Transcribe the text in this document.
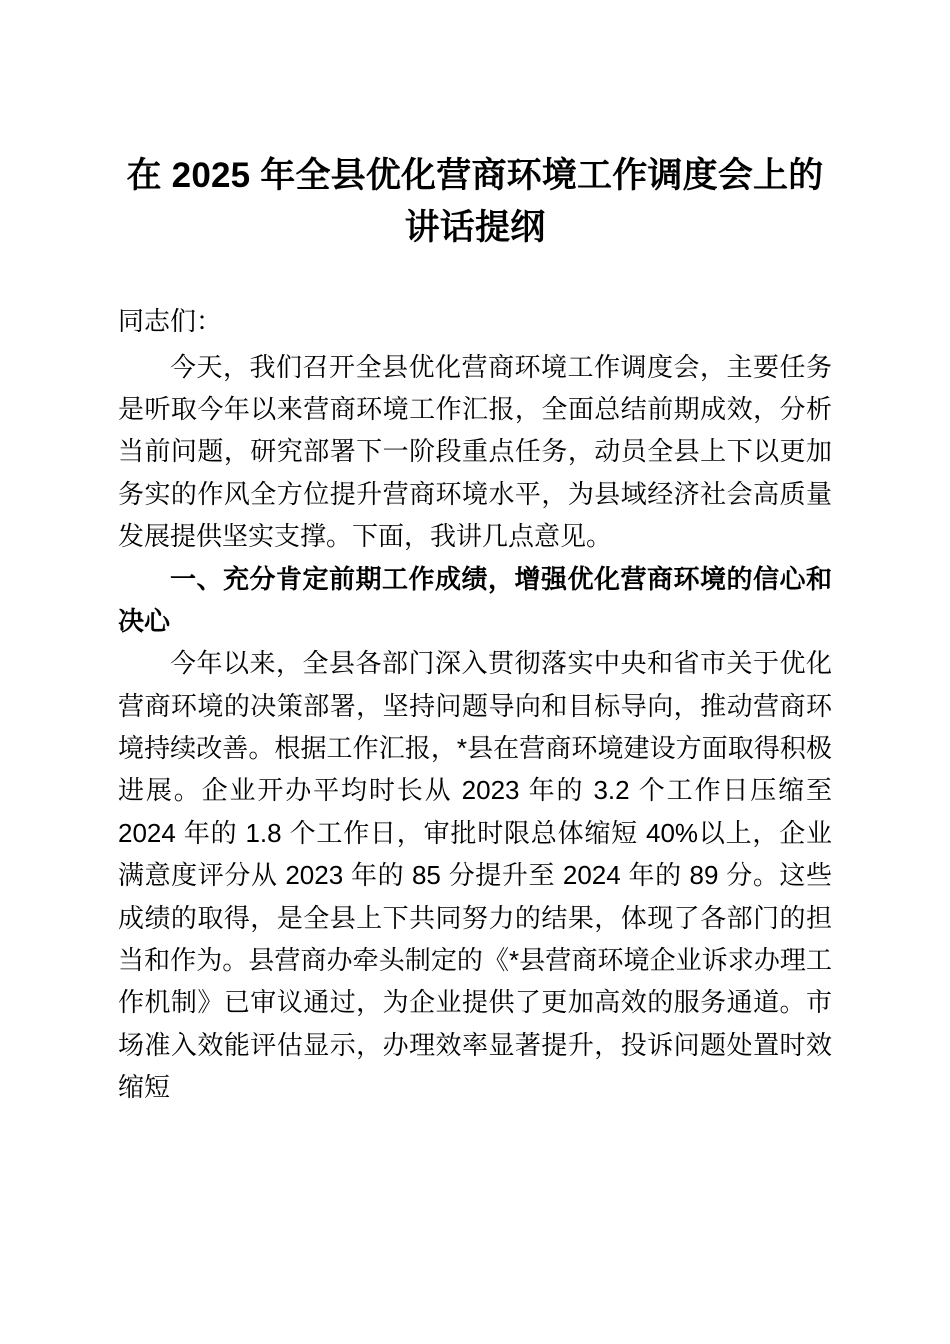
在 2025 年全县优化营商环境工作调度会上的讲话提纲
同志们：

今天，我们召开全县优化营商环境工作调度会，主要任务是听取今年以来营商环境工作汇报，全面总结前期成效，分析当前问题，研究部署下一阶段重点任务，动员全县上下以更加务实的作风全方位提升营商环境水平，为县域经济社会高质量发展提供坚实支撑。下面，我讲几点意见。

一、充分肯定前期工作成绩，增强优化营商环境的信心和决心

今年以来，全县各部门深入贯彻落实中央和省市关于优化营商环境的决策部署，坚持问题导向和目标导向，推动营商环境持续改善。根据工作汇报，*县在营商环境建设方面取得积极进展。企业开办平均时长从 2023 年的 3.2 个工作日压缩至 2024 年的 1.8 个工作日，审批时限总体缩短 40%以上，企业满意度评分从 2023 年的 85 分提升至 2024 年的 89 分。这些成绩的取得，是全县上下共同努力的结果，体现了各部门的担当和作为。县营商办牵头制定的《*县营商环境企业诉求办理工作机制》已审议通过，为企业提供了更加高效的服务通道。市场准入效能评估显示，办理效率显著提升，投诉问题处置时效缩短
